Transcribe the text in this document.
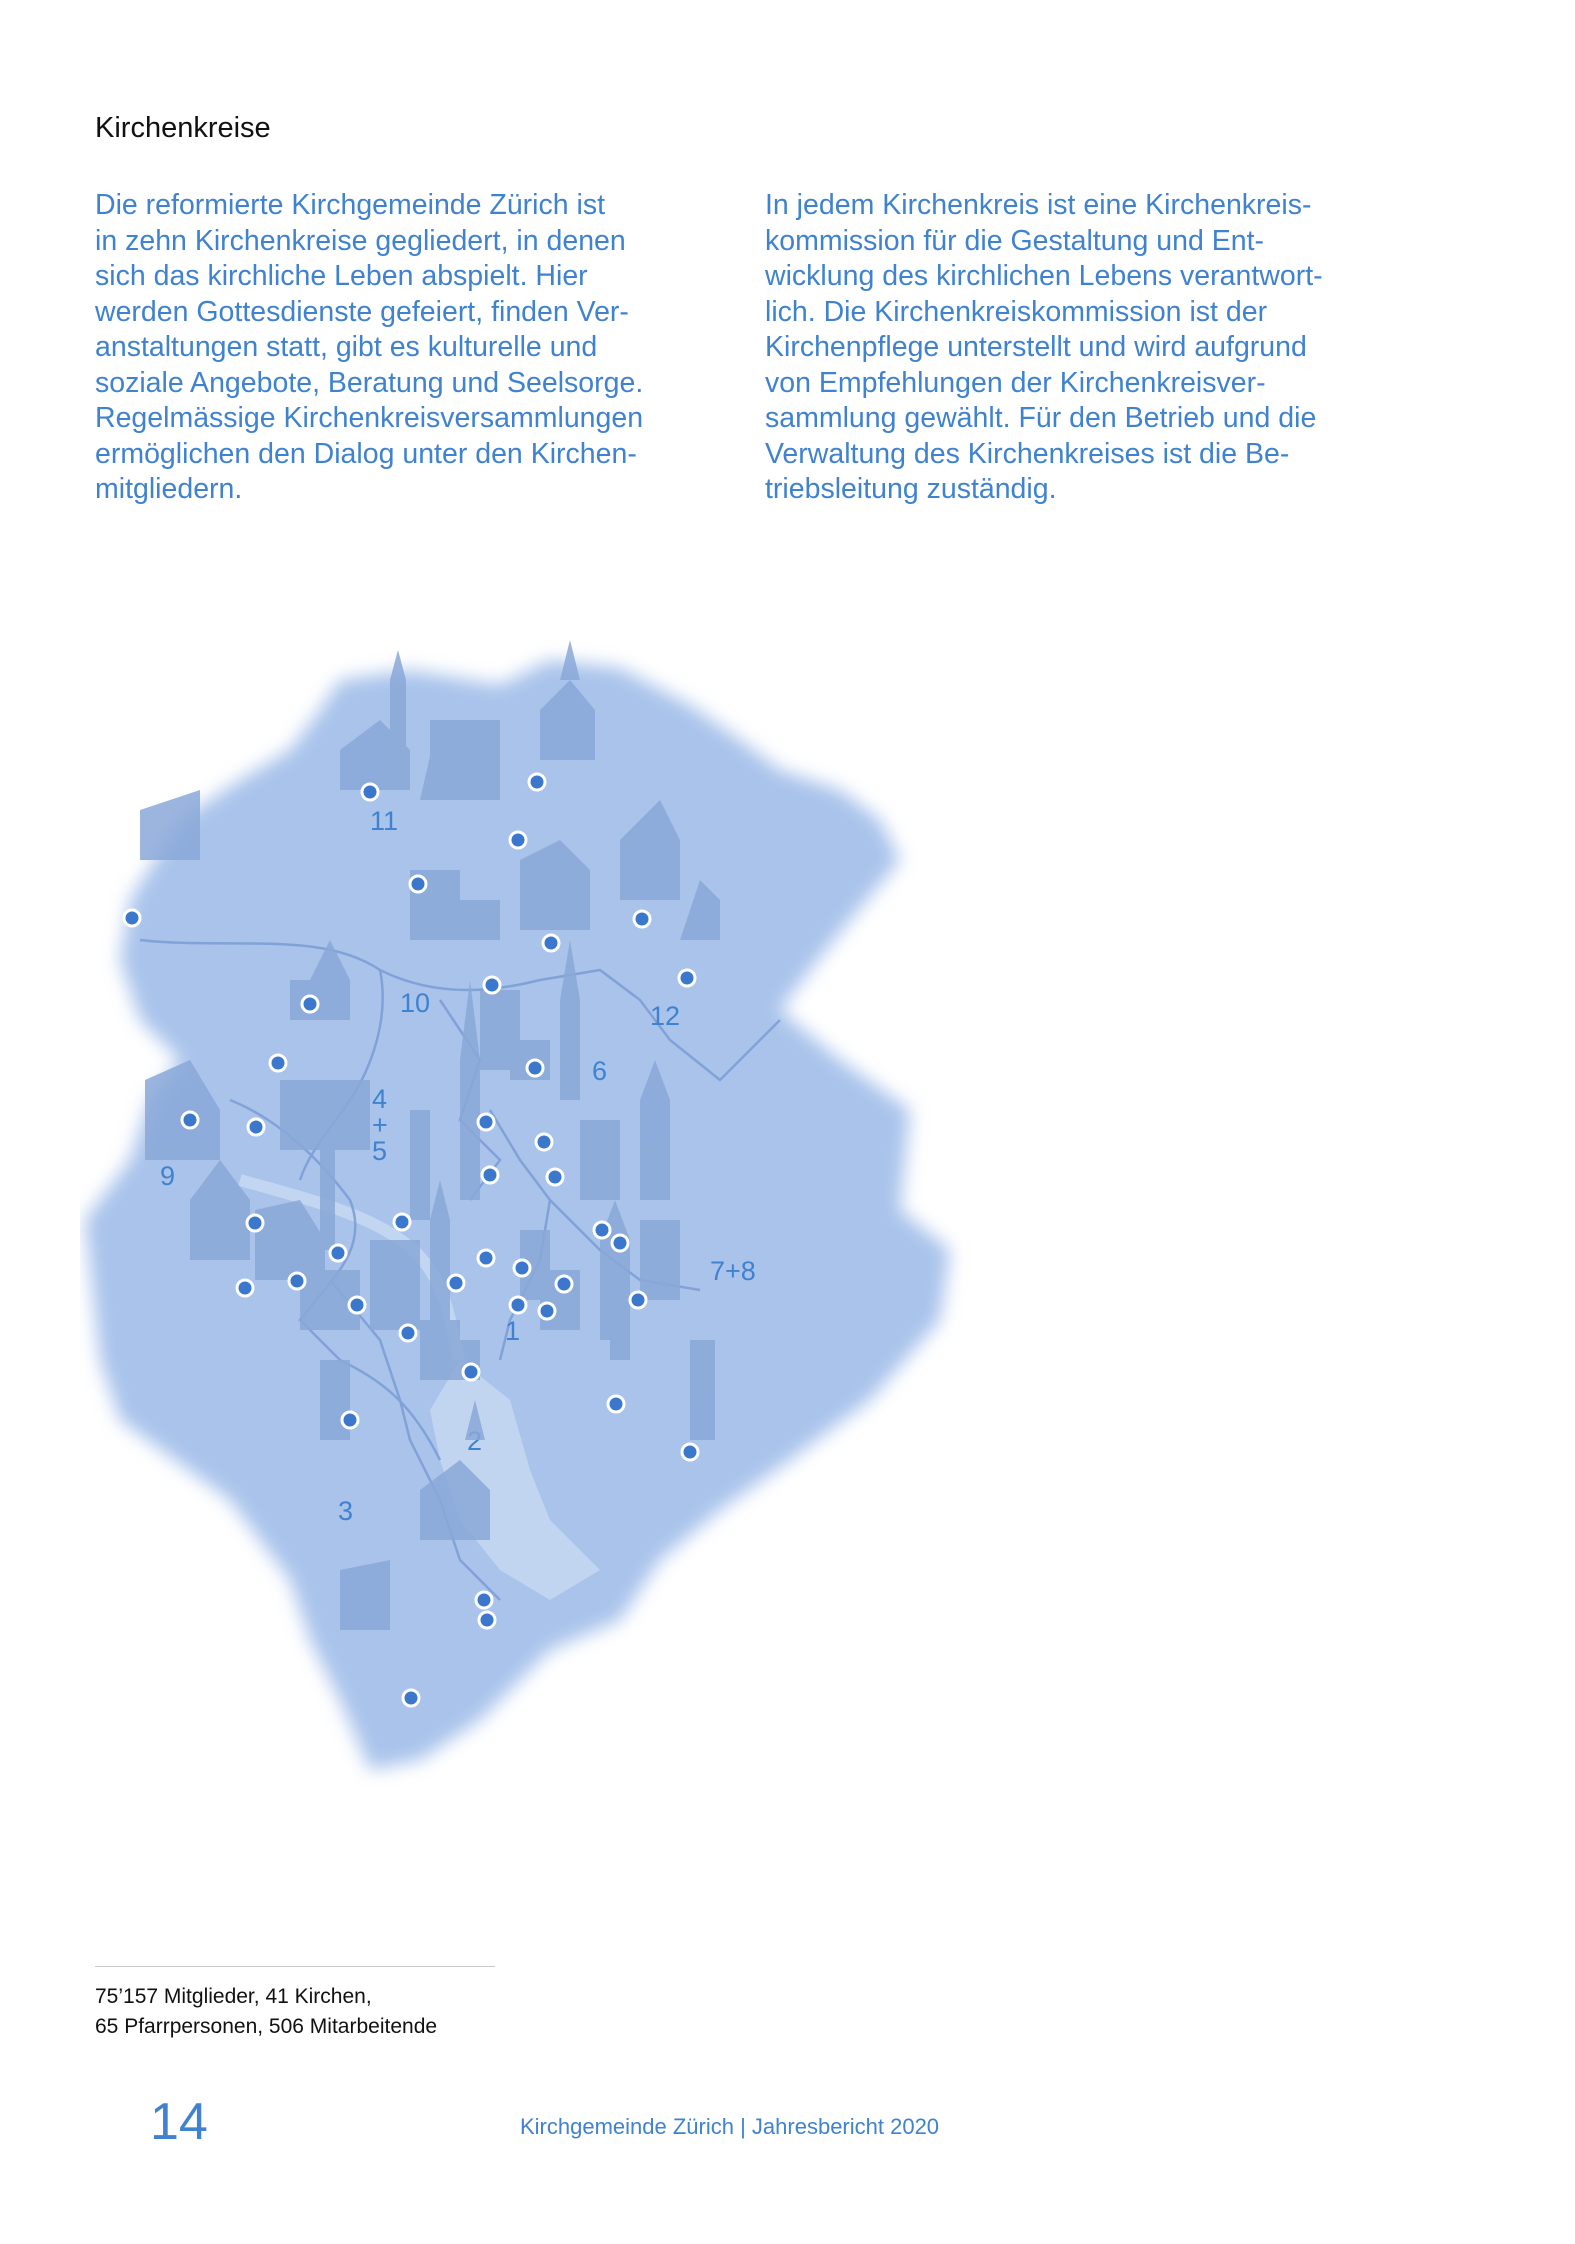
Kirchenkreise
Die reformierte Kirchgemeinde Zürich ist
in zehn Kirchenkreise gegliedert, in denen
sich das kirchliche Leben abspielt. Hier
werden Gottesdienste gefeiert, finden Ver-
anstaltungen statt, gibt es kulturelle und
soziale Angebote, Beratung und Seelsorge.
Regelmässige Kirchenkreisversammlungen
ermöglichen den Dialog unter den Kirchen-
mitgliedern.
In jedem Kirchenkreis ist eine Kirchenkreis-
kommission für die Gestaltung und Ent-
wicklung des kirchlichen Lebens verantwort-
lich. Die Kirchenkreiskommission ist der
Kirchenpflege unterstellt und wird aufgrund
von Empfehlungen der Kirchenkreisver-
sammlung gewählt. Für den Betrieb und die
Verwaltung des Kirchenkreises ist die Be-
triebsleitung zuständig.
11
10	12
6
4
+
5
9
7+8
1
2
3
75’157 Mitglieder, 41 Kirchen,
65 Pfarrpersonen, 506 Mitarbeitende
14	Kirchgemeinde Zürich | Jahresbericht 2020
